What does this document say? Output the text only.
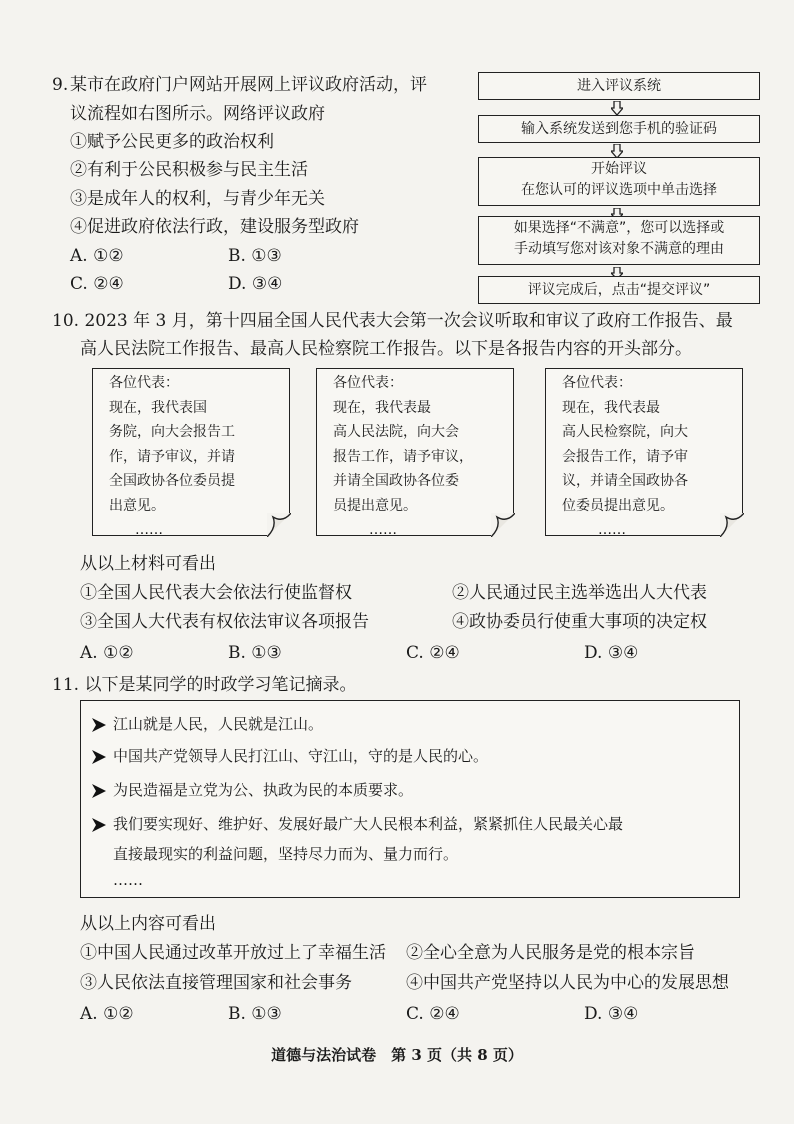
9. 某市在政府门户网站开展网上评议政府活动，评
议流程如右图所示。网络评议政府
①赋予公民更多的政治权利
②有利于公民积极参与民主生活
③是成年人的权利，与青少年无关
④促进政府依法行政，建设服务型政府
A. ①②	B. ①③
C. ②④	D. ③④
进入评议系统
输入系统发送到您手机的验证码
开始评议
在您认可的评议选项中单击选择
如果选择“不满意”，您可以选择或
手动填写您对该对象不满意的理由
评议完成后，点击“提交评议”
10. 2023 年 3 月，第十四届全国人民代表大会第一次会议听取和审议了政府工作报告、最
高人民法院工作报告、最高人民检察院工作报告。以下是各报告内容的开头部分。

各位代表：

现在，我代表国
务院，向大会报告工
作，请予审议，并请
全国政协各位委员提
出意见。

……

各位代表：

现在，我代表最
高人民法院，向大会
报告工作，请予审议，
并请全国政协各位委
员提出意见。

……

各位代表：

现在，我代表最
高人民检察院，向大
会报告工作，请予审
议，并请全国政协各
位委员提出意见。

……

从以上材料可看出
①全国人民代表大会依法行使监督权	②人民通过民主选举选出人大代表
③全国人大代表有权依法审议各项报告	④政协委员行使重大事项的决定权
A. ①②	B. ①③	C. ②④	D. ③④
11. 以下是某同学的时政学习笔记摘录。
江山就是人民，人民就是江山。
中国共产党领导人民打江山、守江山，守的是人民的心。
为民造福是立党为公、执政为民的本质要求。
我们要实现好、维护好、发展好最广大人民根本利益，紧紧抓住人民最关心最
直接最现实的利益问题，坚持尽力而为、量力而行。
……
从以上内容可看出
①中国人民通过改革开放过上了幸福生活 ②全心全意为人民服务是党的根本宗旨
③人民依法直接管理国家和社会事务	④中国共产党坚持以人民为中心的发展思想
A. ①②	B. ①③	C. ②④	D. ③④
道德与法治试卷　第 3 页（共 8 页）
